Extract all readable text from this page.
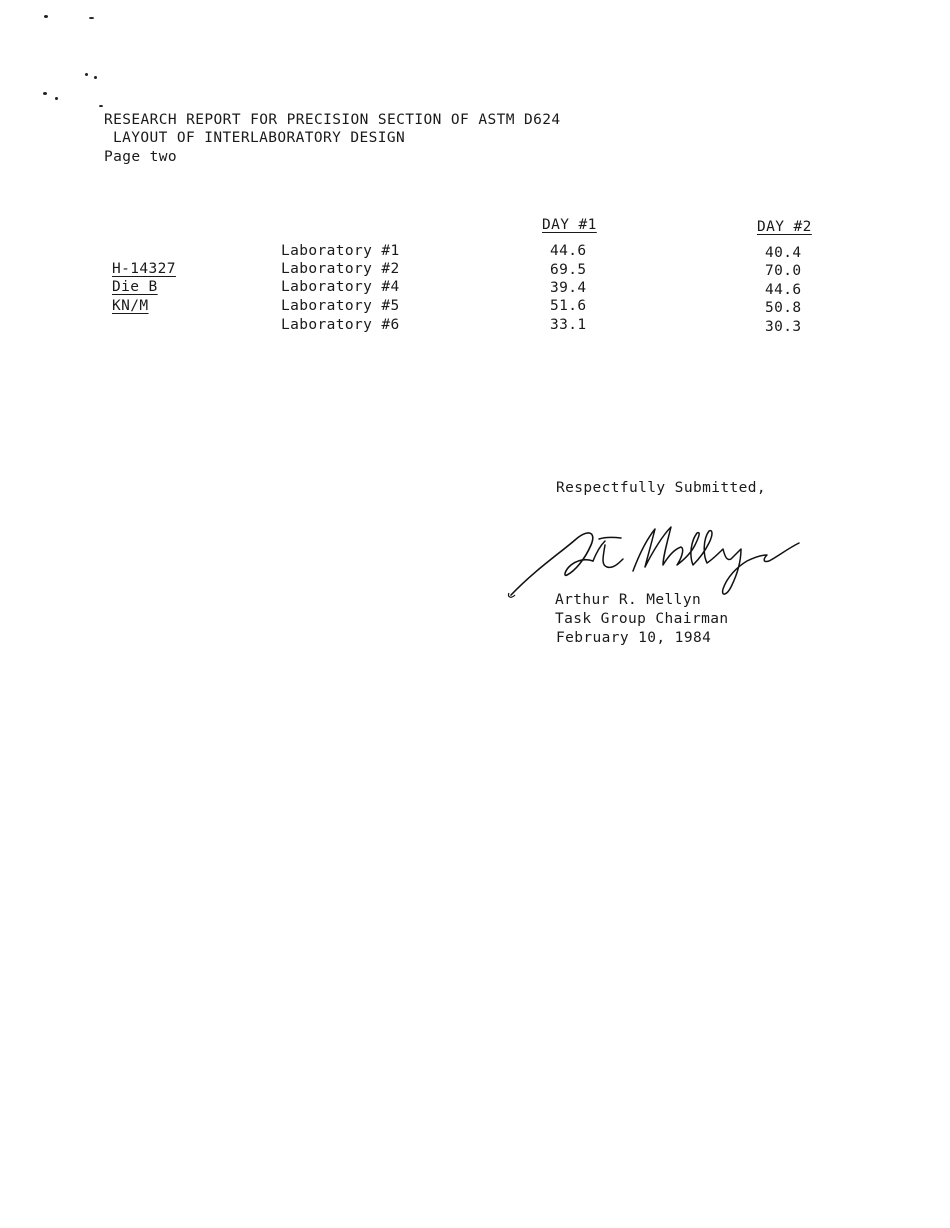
RESEARCH REPORT FOR PRECISION SECTION OF ASTM D624
LAYOUT OF INTERLABORATORY DESIGN
Page two
DAY #1	DAY #2
H-14327
Die B
KN/M
Laboratory #1
Laboratory #2
Laboratory #4
Laboratory #5
Laboratory #6
44.6
69.5
39.4
51.6
33.1
40.4
70.0
44.6
50.8
30.3
Respectfully Submitted,
Arthur R. Mellyn
Task Group Chairman
February 10, 1984
